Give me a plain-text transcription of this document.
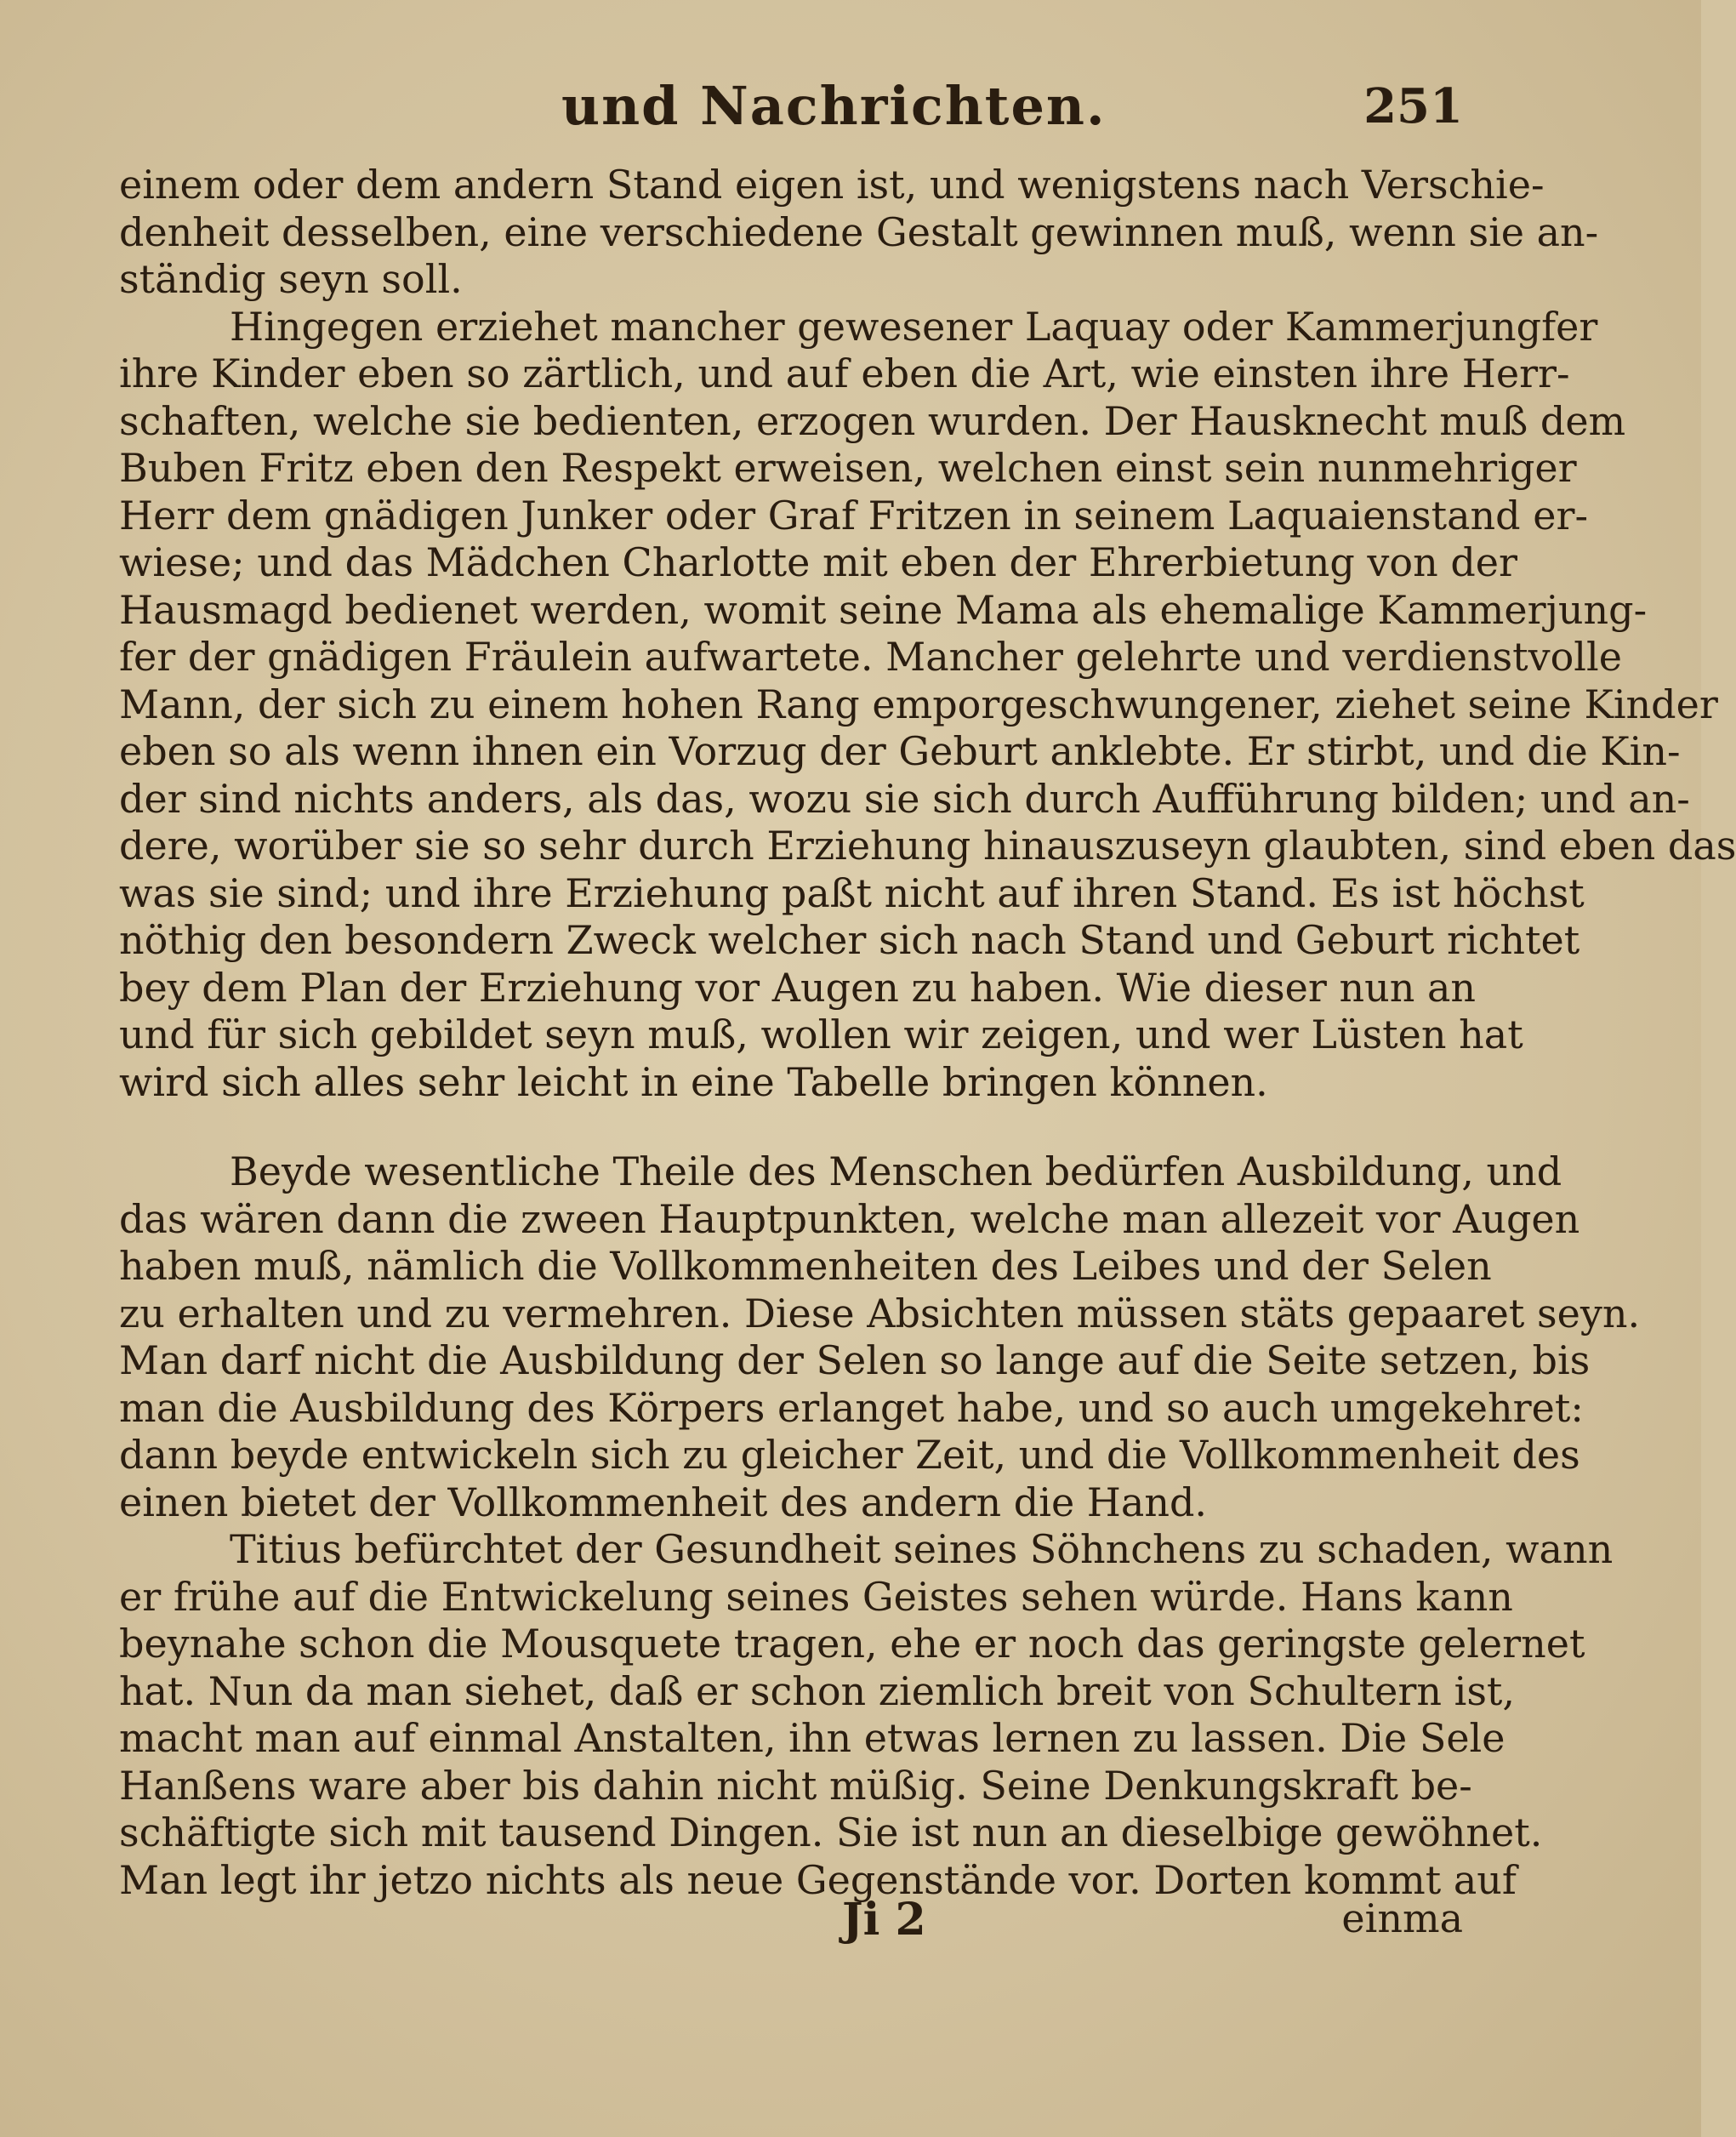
und Nachrichten.	251
einem oder dem andern Stand eigen ist, und wenigstens nach Verschie-
denheit desselben, eine verschiedene Gestalt gewinnen muß, wenn sie an-
ständig seyn soll.
Hingegen erziehet mancher gewesener Laquay oder Kammerjungfer
ihre Kinder eben so zärtlich, und auf eben die Art, wie einsten ihre Herr-
schaften, welche sie bedienten, erzogen wurden. Der Hausknecht muß dem
Buben Fritz eben den Respekt erweisen, welchen einst sein nunmehriger
Herr dem gnädigen Junker oder Graf Fritzen in seinem Laquaienstand er-
wiese; und das Mädchen Charlotte mit eben der Ehrerbietung von der
Hausmagd bedienet werden, womit seine Mama als ehemalige Kammerjung-
fer der gnädigen Fräulein aufwartete. Mancher gelehrte und verdienstvolle
Mann, der sich zu einem hohen Rang emporgeschwungener, ziehet seine Kinder
eben so als wenn ihnen ein Vorzug der Geburt anklebte. Er stirbt, und die Kin-
der sind nichts anders, als das, wozu sie sich durch Aufführung bilden; und an-
dere, worüber sie so sehr durch Erziehung hinauszuseyn glaubten, sind eben das
was sie sind; und ihre Erziehung paßt nicht auf ihren Stand. Es ist höchst
nöthig den besondern Zweck welcher sich nach Stand und Geburt richtet
bey dem Plan der Erziehung vor Augen zu haben. Wie dieser nun an
und für sich gebildet seyn muß, wollen wir zeigen, und wer Lüsten hat
wird sich alles sehr leicht in eine Tabelle bringen können.
Beyde wesentliche Theile des Menschen bedürfen Ausbildung, und
das wären dann die zween Hauptpunkten, welche man allezeit vor Augen
haben muß, nämlich die Vollkommenheiten des Leibes und der Selen
zu erhalten und zu vermehren. Diese Absichten müssen stäts gepaaret seyn.
Man darf nicht die Ausbildung der Selen so lange auf die Seite setzen, bis
man die Ausbildung des Körpers erlanget habe, und so auch umgekehret:
dann beyde entwickeln sich zu gleicher Zeit, und die Vollkommenheit des
einen bietet der Vollkommenheit des andern die Hand.
Titius befürchtet der Gesundheit seines Söhnchens zu schaden, wann
er frühe auf die Entwickelung seines Geistes sehen würde. Hans kann
beynahe schon die Mousquete tragen, ehe er noch das geringste gelernet
hat. Nun da man siehet, daß er schon ziemlich breit von Schultern ist,
macht man auf einmal Anstalten, ihn etwas lernen zu lassen. Die Sele
Hanßens ware aber bis dahin nicht müßig. Seine Denkungskraft be-
schäftigte sich mit tausend Dingen. Sie ist nun an dieselbige gewöhnet.
Man legt ihr jetzo nichts als neue Gegenstände vor. Dorten kommt auf
Ji 2	einma
